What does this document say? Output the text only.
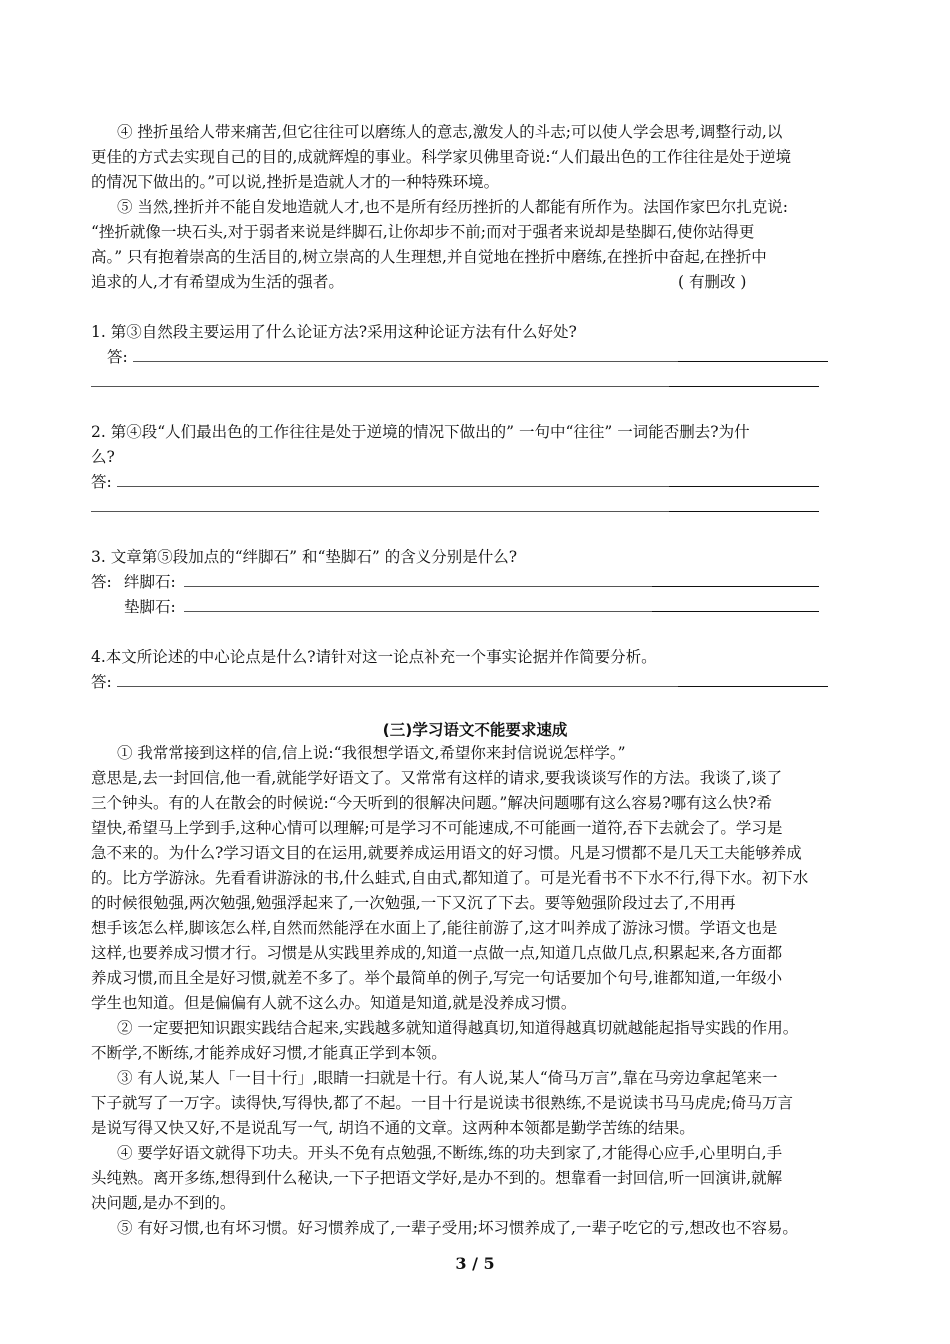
④ 挫折虽给人带来痛苦,但它往往可以磨练人的意志,激发人的斗志;可以使人学会思考,调整行动,以
更佳的方式去实现自己的目的,成就辉煌的事业。科学家贝佛里奇说:“人们最出色的工作往往是处于逆境
的情况下做出的。”可以说,挫折是造就人才的一种特殊环境。
⑤ 当然,挫折并不能自发地造就人才,也不是所有经历挫折的人都能有所作为。法国作家巴尔扎克说:
“挫折就像一块石头,对于弱者来说是绊脚石,让你却步不前;而对于强者来说却是垫脚石,使你站得更
高。” 只有抱着崇高的生活目的,树立崇高的人生理想,并自觉地在挫折中磨练,在挫折中奋起,在挫折中
追求的人,才有希望成为生活的强者。	( 有删改 )
1. 第③自然段主要运用了什么论证方法?采用这种论证方法有什么好处?
答:
2. 第④段“人们最出色的工作往往是处于逆境的情况下做出的” 一句中“往往” 一词能否删去?为什
么?
答:
3. 文章第⑤段加点的“绊脚石” 和“垫脚石” 的含义分别是什么?
答: 绊脚石:
垫脚石:
4.本文所论述的中心论点是什么?请针对这一论点补充一个事实论据并作简要分析。
答:
(三)学习语文不能要求速成
① 我常常接到这样的信,信上说:“我很想学语文,希望你来封信说说怎样学。”
意思是,去一封回信,他一看,就能学好语文了。又常常有这样的请求,要我谈谈写作的方法。我谈了,谈了
三个钟头。有的人在散会的时候说:“今天听到的很解决问题。”解决问题哪有这么容易?哪有这么快?希
望快,希望马上学到手,这种心情可以理解;可是学习不可能速成,不可能画一道符,吞下去就会了。学习是
急不来的。为什么?学习语文目的在运用,就要养成运用语文的好习惯。凡是习惯都不是几天工夫能够养成
的。比方学游泳。先看看讲游泳的书,什么蛙式,自由式,都知道了。可是光看书不下水不行,得下水。初下水
的时候很勉强,两次勉强,勉强浮起来了,一次勉强,一下又沉了下去。要等勉强阶段过去了,不用再
想手该怎么样,脚该怎么样,自然而然能浮在水面上了,能往前游了,这才叫养成了游泳习惯。学语文也是
这样,也要养成习惯才行。习惯是从实践里养成的,知道一点做一点,知道几点做几点,积累起来,各方面都
养成习惯,而且全是好习惯,就差不多了。举个最简单的例子,写完一句话要加个句号,谁都知道,一年级小
学生也知道。但是偏偏有人就不这么办。知道是知道,就是没养成习惯。
② 一定要把知识跟实践结合起来,实践越多就知道得越真切,知道得越真切就越能起指导实践的作用。
不断学,不断练,才能养成好习惯,才能真正学到本领。
③ 有人说,某人「一目十行」,眼睛一扫就是十行。有人说,某人“倚马万言”,靠在马旁边拿起笔来一
下子就写了一万字。读得快,写得快,都了不起。一目十行是说读书很熟练,不是说读书马马虎虎;倚马万言
是说写得又快又好,不是说乱写一气, 胡诌不通的文章。这两种本领都是勤学苦练的结果。
④ 要学好语文就得下功夫。开头不免有点勉强,不断练,练的功夫到家了,才能得心应手,心里明白,手
头纯熟。离开多练,想得到什么秘诀,一下子把语文学好,是办不到的。想靠看一封回信,听一回演讲,就解
决问题,是办不到的。
⑤ 有好习惯,也有坏习惯。好习惯养成了,一辈子受用;坏习惯养成了,一辈子吃它的亏,想改也不容易。
3 / 5
